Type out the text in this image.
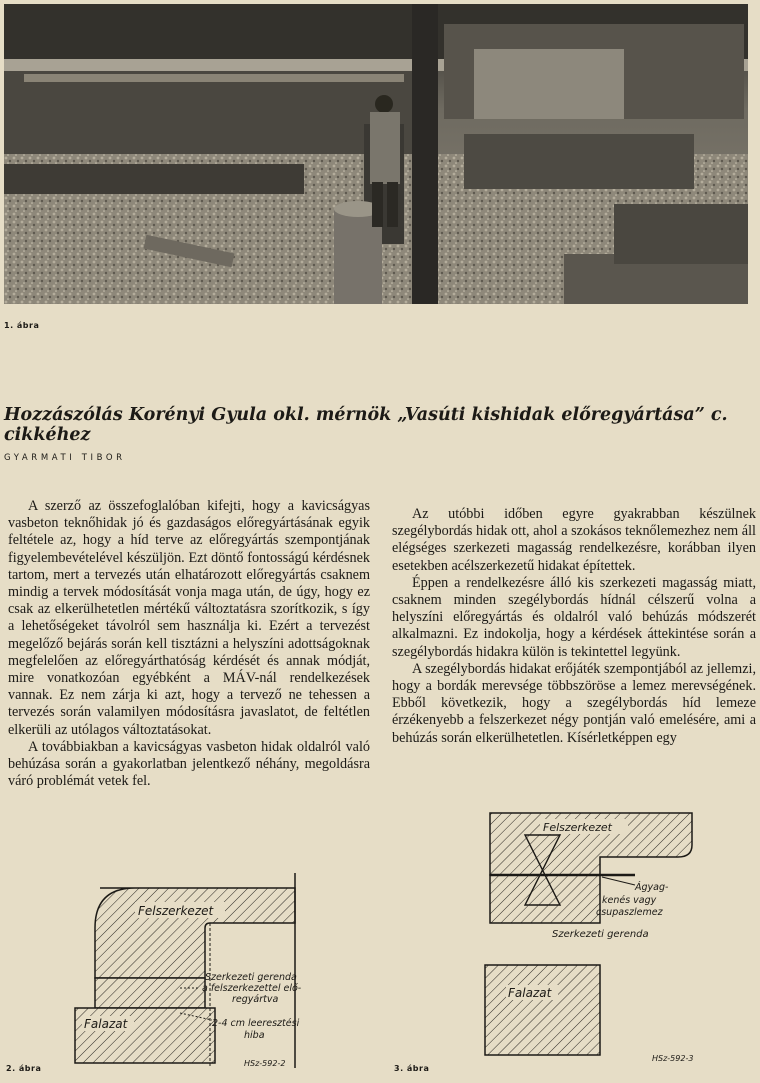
1. ábra
Hozzászólás Korényi Gyula okl. mérnök „Vasúti kishidak előregyártása” c. cikkéhez
GYARMATI TIBOR

A szerző az összefoglalóban kifejti, hogy a kavicságyas vasbeton teknőhidak jó és gazdaságos előregyártásának egyik feltétele az, hogy a híd terve az előregyártás szempontjának figyelembevételével készüljön. Ezt döntő fontosságú kérdésnek tartom, mert a tervezés után elhatározott előregyártás csaknem mindig a tervek módosítását vonja maga után, de úgy, hogy ez csak az elkerülhetetlen mértékű változtatásra szorítkozik, s így a lehetőségeket távolról sem használja ki. Ezért a tervezést megelőző bejárás során kell tisztázni a helyszíni adottságoknak megfelelően az előregyárthatóság kérdését és annak módját, mire vonatkozóan egyébként a MÁV-nál rendelkezések vannak. Ez nem zárja ki azt, hogy a tervező ne tehessen a tervezés során valamilyen módosításra javaslatot, de feltétlen elkerüli az utólagos változtatásokat.

A továbbiakban a kavicságyas vasbeton hidak oldalról való behúzása során a gyakorlatban jelentkező néhány, megoldásra váró problémát vetek fel.

Az utóbbi időben egyre gyakrabban készülnek szegélybordás hidak ott, ahol a szokásos teknőlemezhez nem áll elégséges szerkezeti magasság rendelkezésre, korábban ilyen esetekben acélszerkezetű hidakat építettek.

Éppen a rendelkezésre álló kis szerkezeti magasság miatt, csaknem minden szegélybordás hídnál célszerű volna a helyszíni előregyártás és oldalról való behúzás módszerét alkalmazni. Ez indokolja, hogy a kérdések áttekintése során a szegélybordás hidakra külön is tekintettel legyünk.

A szegélybordás hidakat erőjáték szempontjából az jellemzi, hogy a bordák merevsége többszöröse a lemez merevségének. Ebből következik, hogy a szegélybordás híd lemeze érzékenyebb a felszerkezet négy pontján való emelésére, ami a behúzás során elkerülhetetlen. Kísérletképpen egy

Felszerkezet
Falazat
Szerkezeti gerenda
a felszerkezettel elő-
regyártva
2-4 cm leeresztési
hiba
HSz-592-2
2. ábra
Felszerkezet
Ágyag-
kenés vagy
csupaszlemez
Szerkezeti gerenda
Falazat
HSz-592-3
3. ábra
